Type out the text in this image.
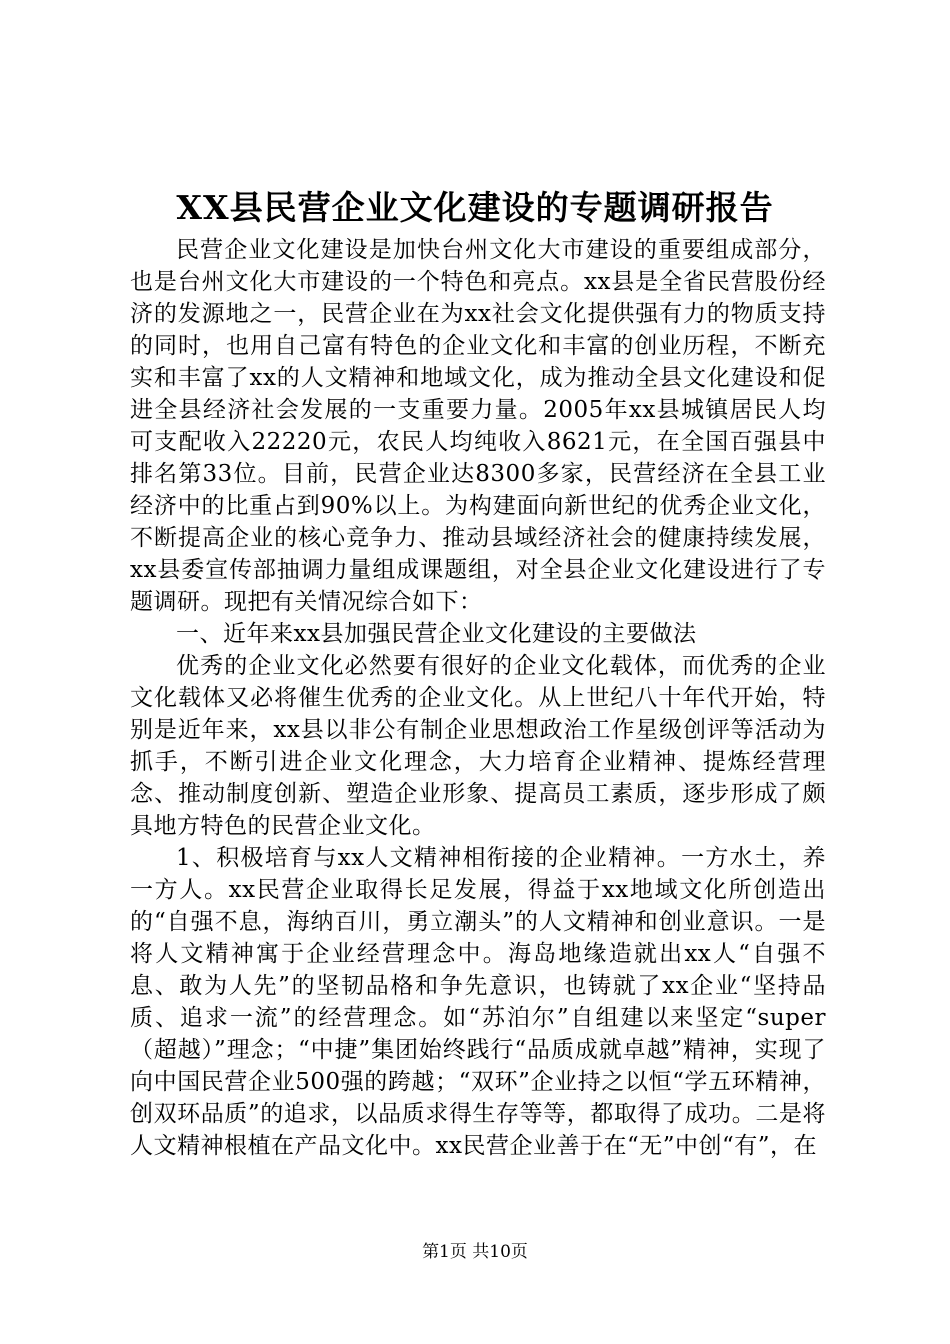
XX县民营企业文化建设的专题调研报告

民营企业文化建设是加快台州文化大市建设的重要组成部分，也是台州文化大市建设的一个特色和亮点。xx县是全省民营股份经济的发源地之一，民营企业在为xx社会文化提供强有力的物质支持的同时，也用自己富有特色的企业文化和丰富的创业历程，不断充实和丰富了xx的人文精神和地域文化，成为推动全县文化建设和促进全县经济社会发展的一支重要力量。2005年xx县城镇居民人均可支配收入22220元，农民人均纯收入8621元，在全国百强县中排名第33位。目前，民营企业达8300多家，民营经济在全县工业经济中的比重占到90%以上。为构建面向新世纪的优秀企业文化，不断提高企业的核心竞争力、推动县域经济社会的健康持续发展，xx县委宣传部抽调力量组成课题组，对全县企业文化建设进行了专题调研。现把有关情况综合如下：

一、近年来xx县加强民营企业文化建设的主要做法

优秀的企业文化必然要有很好的企业文化载体，而优秀的企业文化载体又必将催生优秀的企业文化。从上世纪八十年代开始，特别是近年来，xx县以非公有制企业思想政治工作星级创评等活动为抓手，不断引进企业文化理念，大力培育企业精神、提炼经营理念、推动制度创新、塑造企业形象、提高员工素质，逐步形成了颇具地方特色的民营企业文化。

1、积极培育与xx人文精神相衔接的企业精神。一方水土，养一方人。xx民营企业取得长足发展，得益于xx地域文化所创造出的“自强不息，海纳百川，勇立潮头”的人文精神和创业意识。一是将人文精神寓于企业经营理念中。海岛地缘造就出xx人“自强不息、敢为人先”的坚韧品格和争先意识，也铸就了xx企业“坚持品质、追求一流”的经营理念。如“苏泊尔”自组建以来坚定“super（超越）”理念；“中捷”集团始终践行“品质成就卓越”精神，实现了向中国民营企业500强的跨越；“双环”企业持之以恒“学五环精神，创双环品质”的追求，以品质求得生存等等，都取得了成功。二是将人文精神根植在产品文化中。xx民营企业善于在“无”中创“有”，在

第1页 共10页
